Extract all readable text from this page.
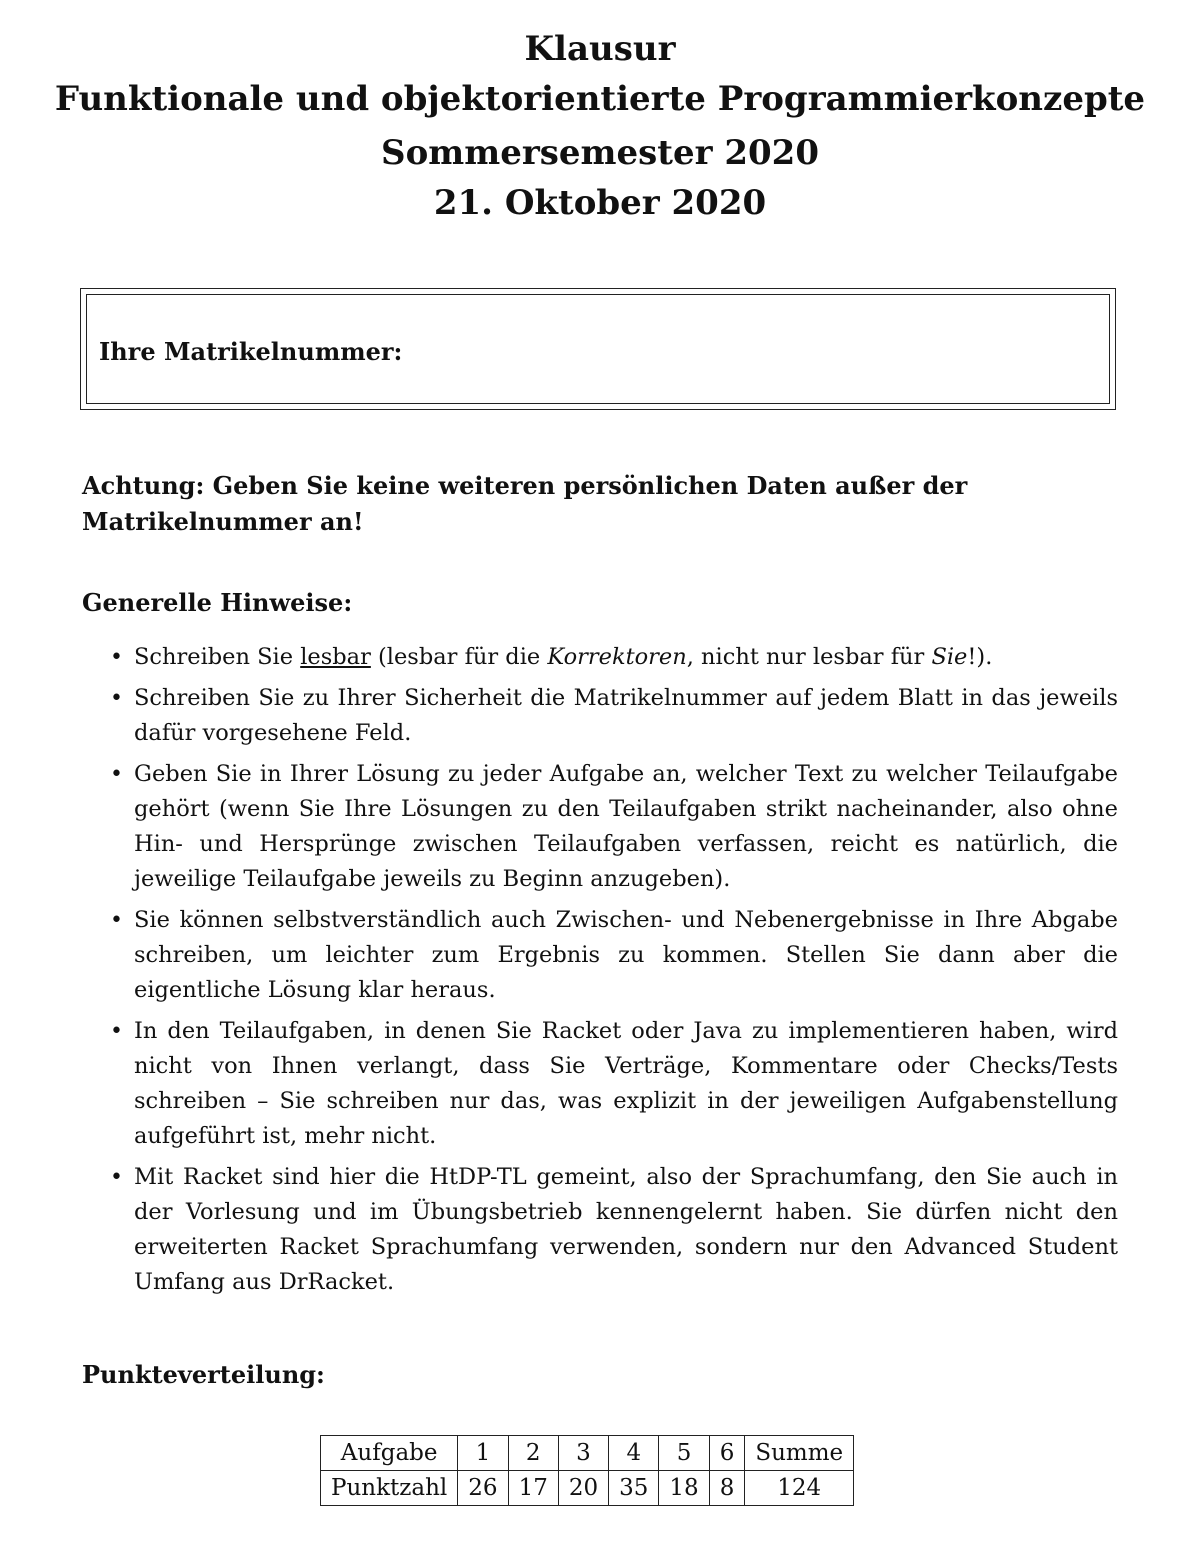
Klausur
Funktionale und objektorientierte Programmierkonzepte
Sommersemester 2020
21. Oktober 2020
Ihre Matrikelnummer:
Achtung: Geben Sie keine weiteren persönlichen Daten außer der Matrikelnummer an!
Generelle Hinweise:
• Schreiben Sie lesbar (lesbar für die Korrektoren, nicht nur lesbar für Sie!).
• Schreiben Sie zu Ihrer Sicherheit die Matrikelnummer auf jedem Blatt in das jeweils dafür vorgesehene Feld.
• Geben Sie in Ihrer Lösung zu jeder Aufgabe an, welcher Text zu welcher Teilaufgabe gehört (wenn Sie Ihre Lösungen zu den Teilaufgaben strikt nacheinander, also ohne Hin- und Hersprünge zwischen Teilaufgaben verfassen, reicht es natürlich, die jeweilige Teilaufgabe jeweils zu Beginn anzugeben).
• Sie können selbstverständlich auch Zwischen- und Nebenergebnisse in Ihre Abgabe schreiben, um leichter zum Ergebnis zu kommen. Stellen Sie dann aber die eigentliche Lösung klar heraus.
• In den Teilaufgaben, in denen Sie Racket oder Java zu implementieren haben, wird nicht von Ihnen verlangt, dass Sie Verträge, Kommentare oder Checks/Tests schreiben – Sie schreiben nur das, was explizit in der jeweiligen Aufgabenstellung aufgeführt ist, mehr nicht.
• Mit Racket sind hier die HtDP-TL gemeint, also der Sprachumfang, den Sie auch in der Vorlesung und im Übungsbetrieb kennengelernt haben. Sie dürfen nicht den erweiterten Racket Sprachumfang verwenden, sondern nur den Advanced Student Umfang aus DrRacket.
Punkteverteilung:
Aufgabe	1	2	3	4	5	6	Summe
Punktzahl	26	17	20	35	18	8	124
